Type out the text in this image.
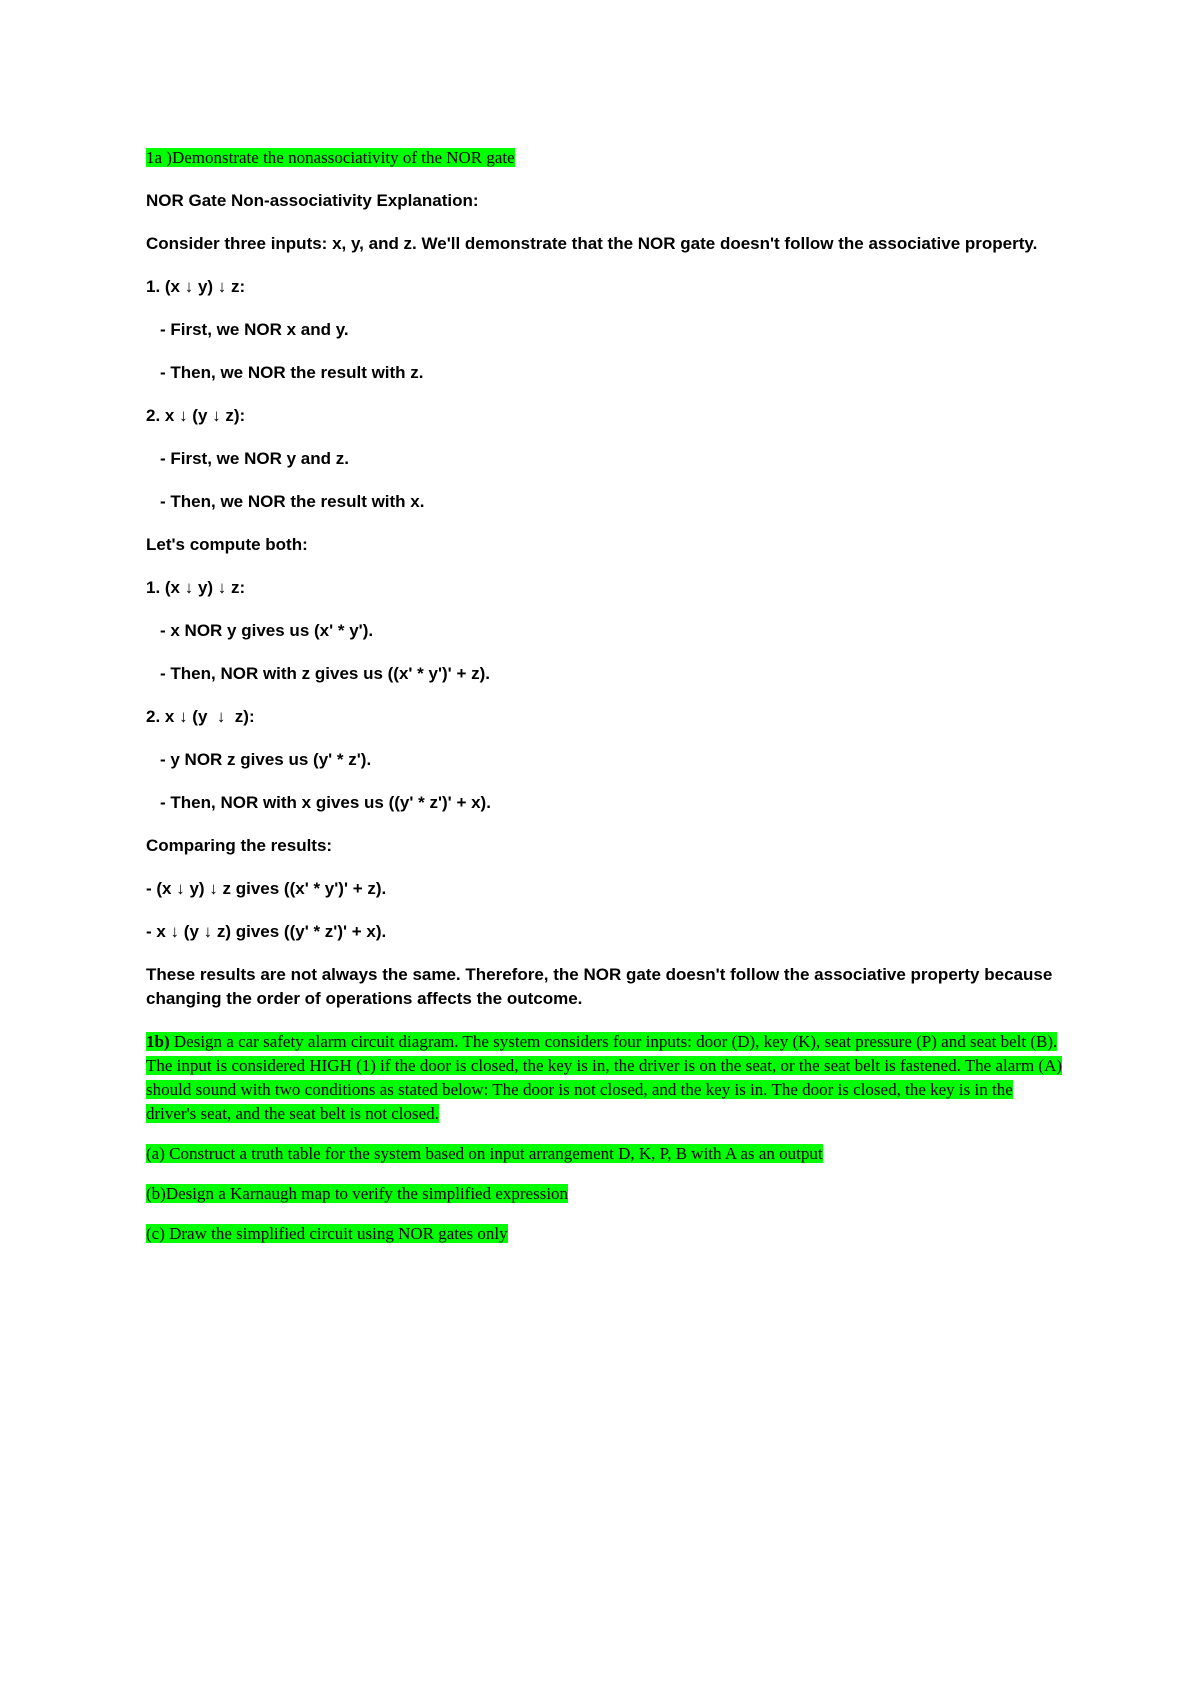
1a )Demonstrate the nonassociativity of the NOR gate

NOR Gate Non-associativity Explanation:

Consider three inputs: x, y, and z. We'll demonstrate that the NOR gate doesn't follow the associative property.

1. (x ↓ y) ↓ z:

- First, we NOR x and y.

- Then, we NOR the result with z.

2. x ↓ (y ↓ z):

- First, we NOR y and z.

- Then, we NOR the result with x.

Let's compute both:

1. (x ↓ y) ↓ z:

- x NOR y gives us (x' * y').

- Then, NOR with z gives us ((x' * y')' + z).

2. x ↓ (y  ↓  z):

- y NOR z gives us (y' * z').

- Then, NOR with x gives us ((y' * z')' + x).

Comparing the results:

- (x ↓ y) ↓ z gives ((x' * y')' + z).

- x ↓ (y ↓ z) gives ((y' * z')' + x).

These results are not always the same. Therefore, the NOR gate doesn't follow the associative property because changing the order of operations affects the outcome.

1b) Design a car safety alarm circuit diagram. The system considers four inputs: door (D), key (K), seat pressure (P) and seat belt (B). The input is considered HIGH (1) if the door is closed, the key is in, the driver is on the seat, or the seat belt is fastened. The alarm (A) should sound with two conditions as stated below: The door is not closed, and the key is in. The door is closed, the key is in the driver's seat, and the seat belt is not closed.

(a) Construct a truth table for the system based on input arrangement D, K, P, B with A as an output

(b)Design a Karnaugh map to verify the simplified expression

(c) Draw the simplified circuit using NOR gates only
